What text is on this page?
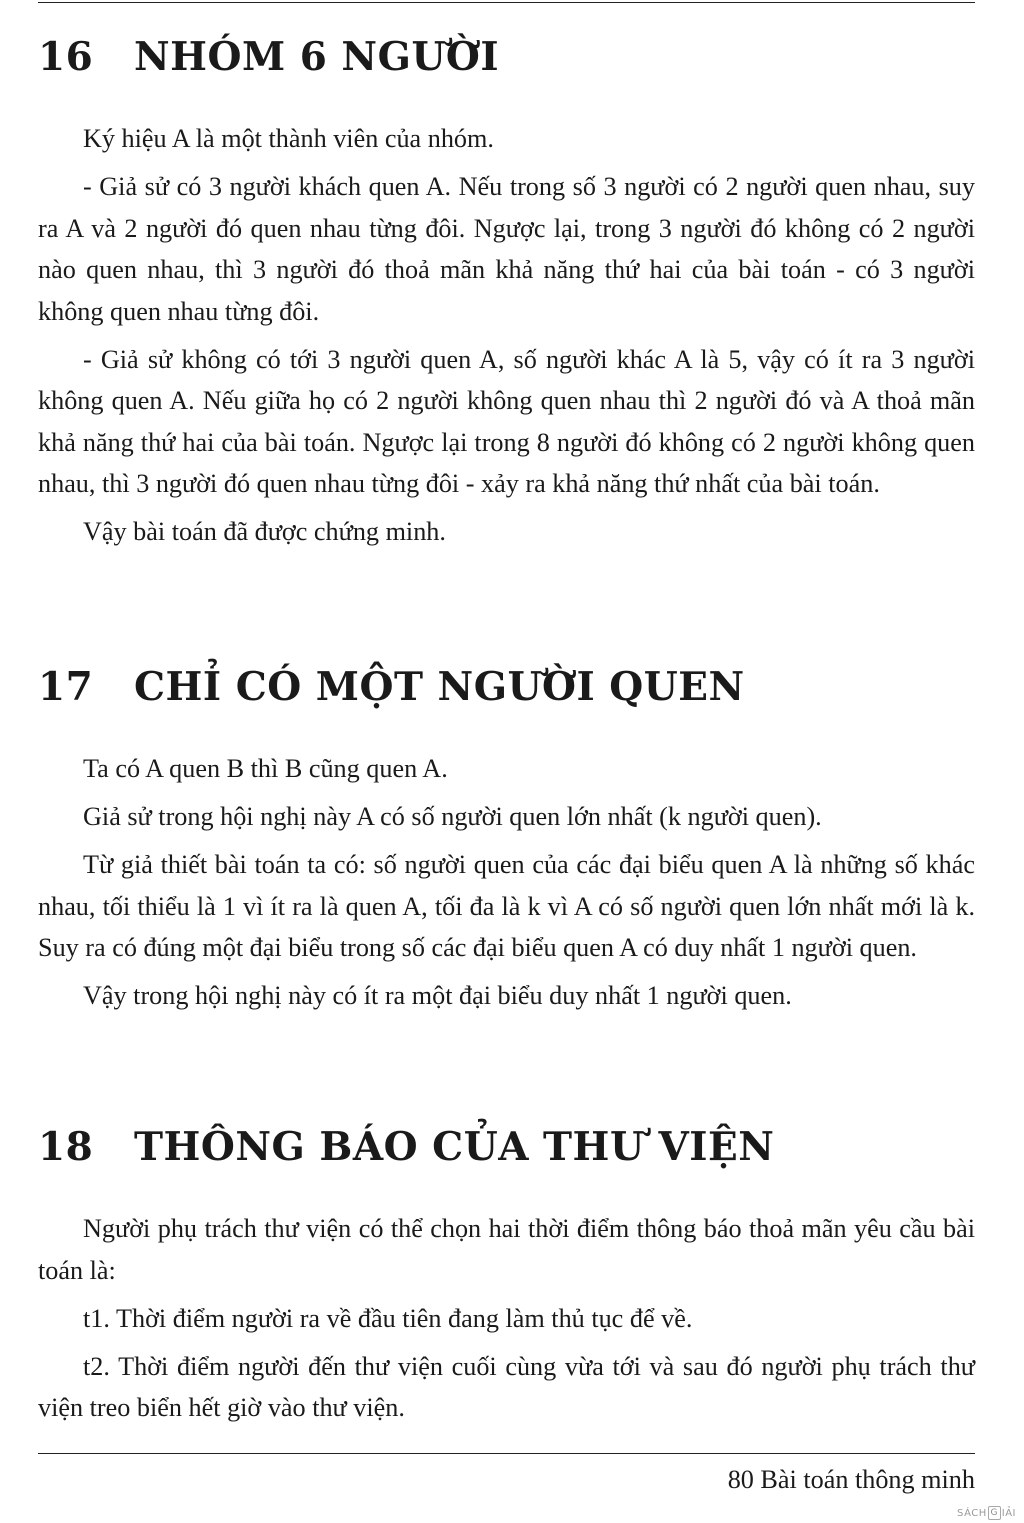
16 NHÓM 6 NGƯỜI

Ký hiệu A là một thành viên của nhóm.

- Giả sử có 3 người khách quen A. Nếu trong số 3 người có 2 người quen nhau, suy ra A và 2 người đó quen nhau từng đôi. Ngược lại, trong 3 người đó không có 2 người nào quen nhau, thì 3 người đó thoả mãn khả năng thứ hai của bài toán - có 3 người không quen nhau từng đôi.

- Giả sử không có tới 3 người quen A, số người khác A là 5, vậy có ít ra 3 người không quen A. Nếu giữa họ có 2 người không quen nhau thì 2 người đó và A thoả mãn khả năng thứ hai của bài toán. Ngược lại trong 8 người đó không có 2 người không quen nhau, thì 3 người đó quen nhau từng đôi - xảy ra khả năng thứ nhất của bài toán.

Vậy bài toán đã được chứng minh.

17 CHỈ CÓ MỘT NGƯỜI QUEN

Ta có A quen B thì B cũng quen A.

Giả sử trong hội nghị này A có số người quen lớn nhất (k người quen).

Từ giả thiết bài toán ta có: số người quen của các đại biểu quen A là những số khác nhau, tối thiểu là 1 vì ít ra là quen A, tối đa là k vì A có số người quen lớn nhất mới là k. Suy ra có đúng một đại biểu trong số các đại biểu quen A có duy nhất 1 người quen.

Vậy trong hội nghị này có ít ra một đại biểu duy nhất 1 người quen.

18 THÔNG BÁO CỦA THƯ VIỆN

Người phụ trách thư viện có thể chọn hai thời điểm thông báo thoả mãn yêu cầu bài toán là:

t1. Thời điểm người ra về đầu tiên đang làm thủ tục để về.

t2. Thời điểm người đến thư viện cuối cùng vừa tới và sau đó người phụ trách thư viện treo biển hết giờ vào thư viện.

80 Bài toán thông minh
SÁCH G IẢI
